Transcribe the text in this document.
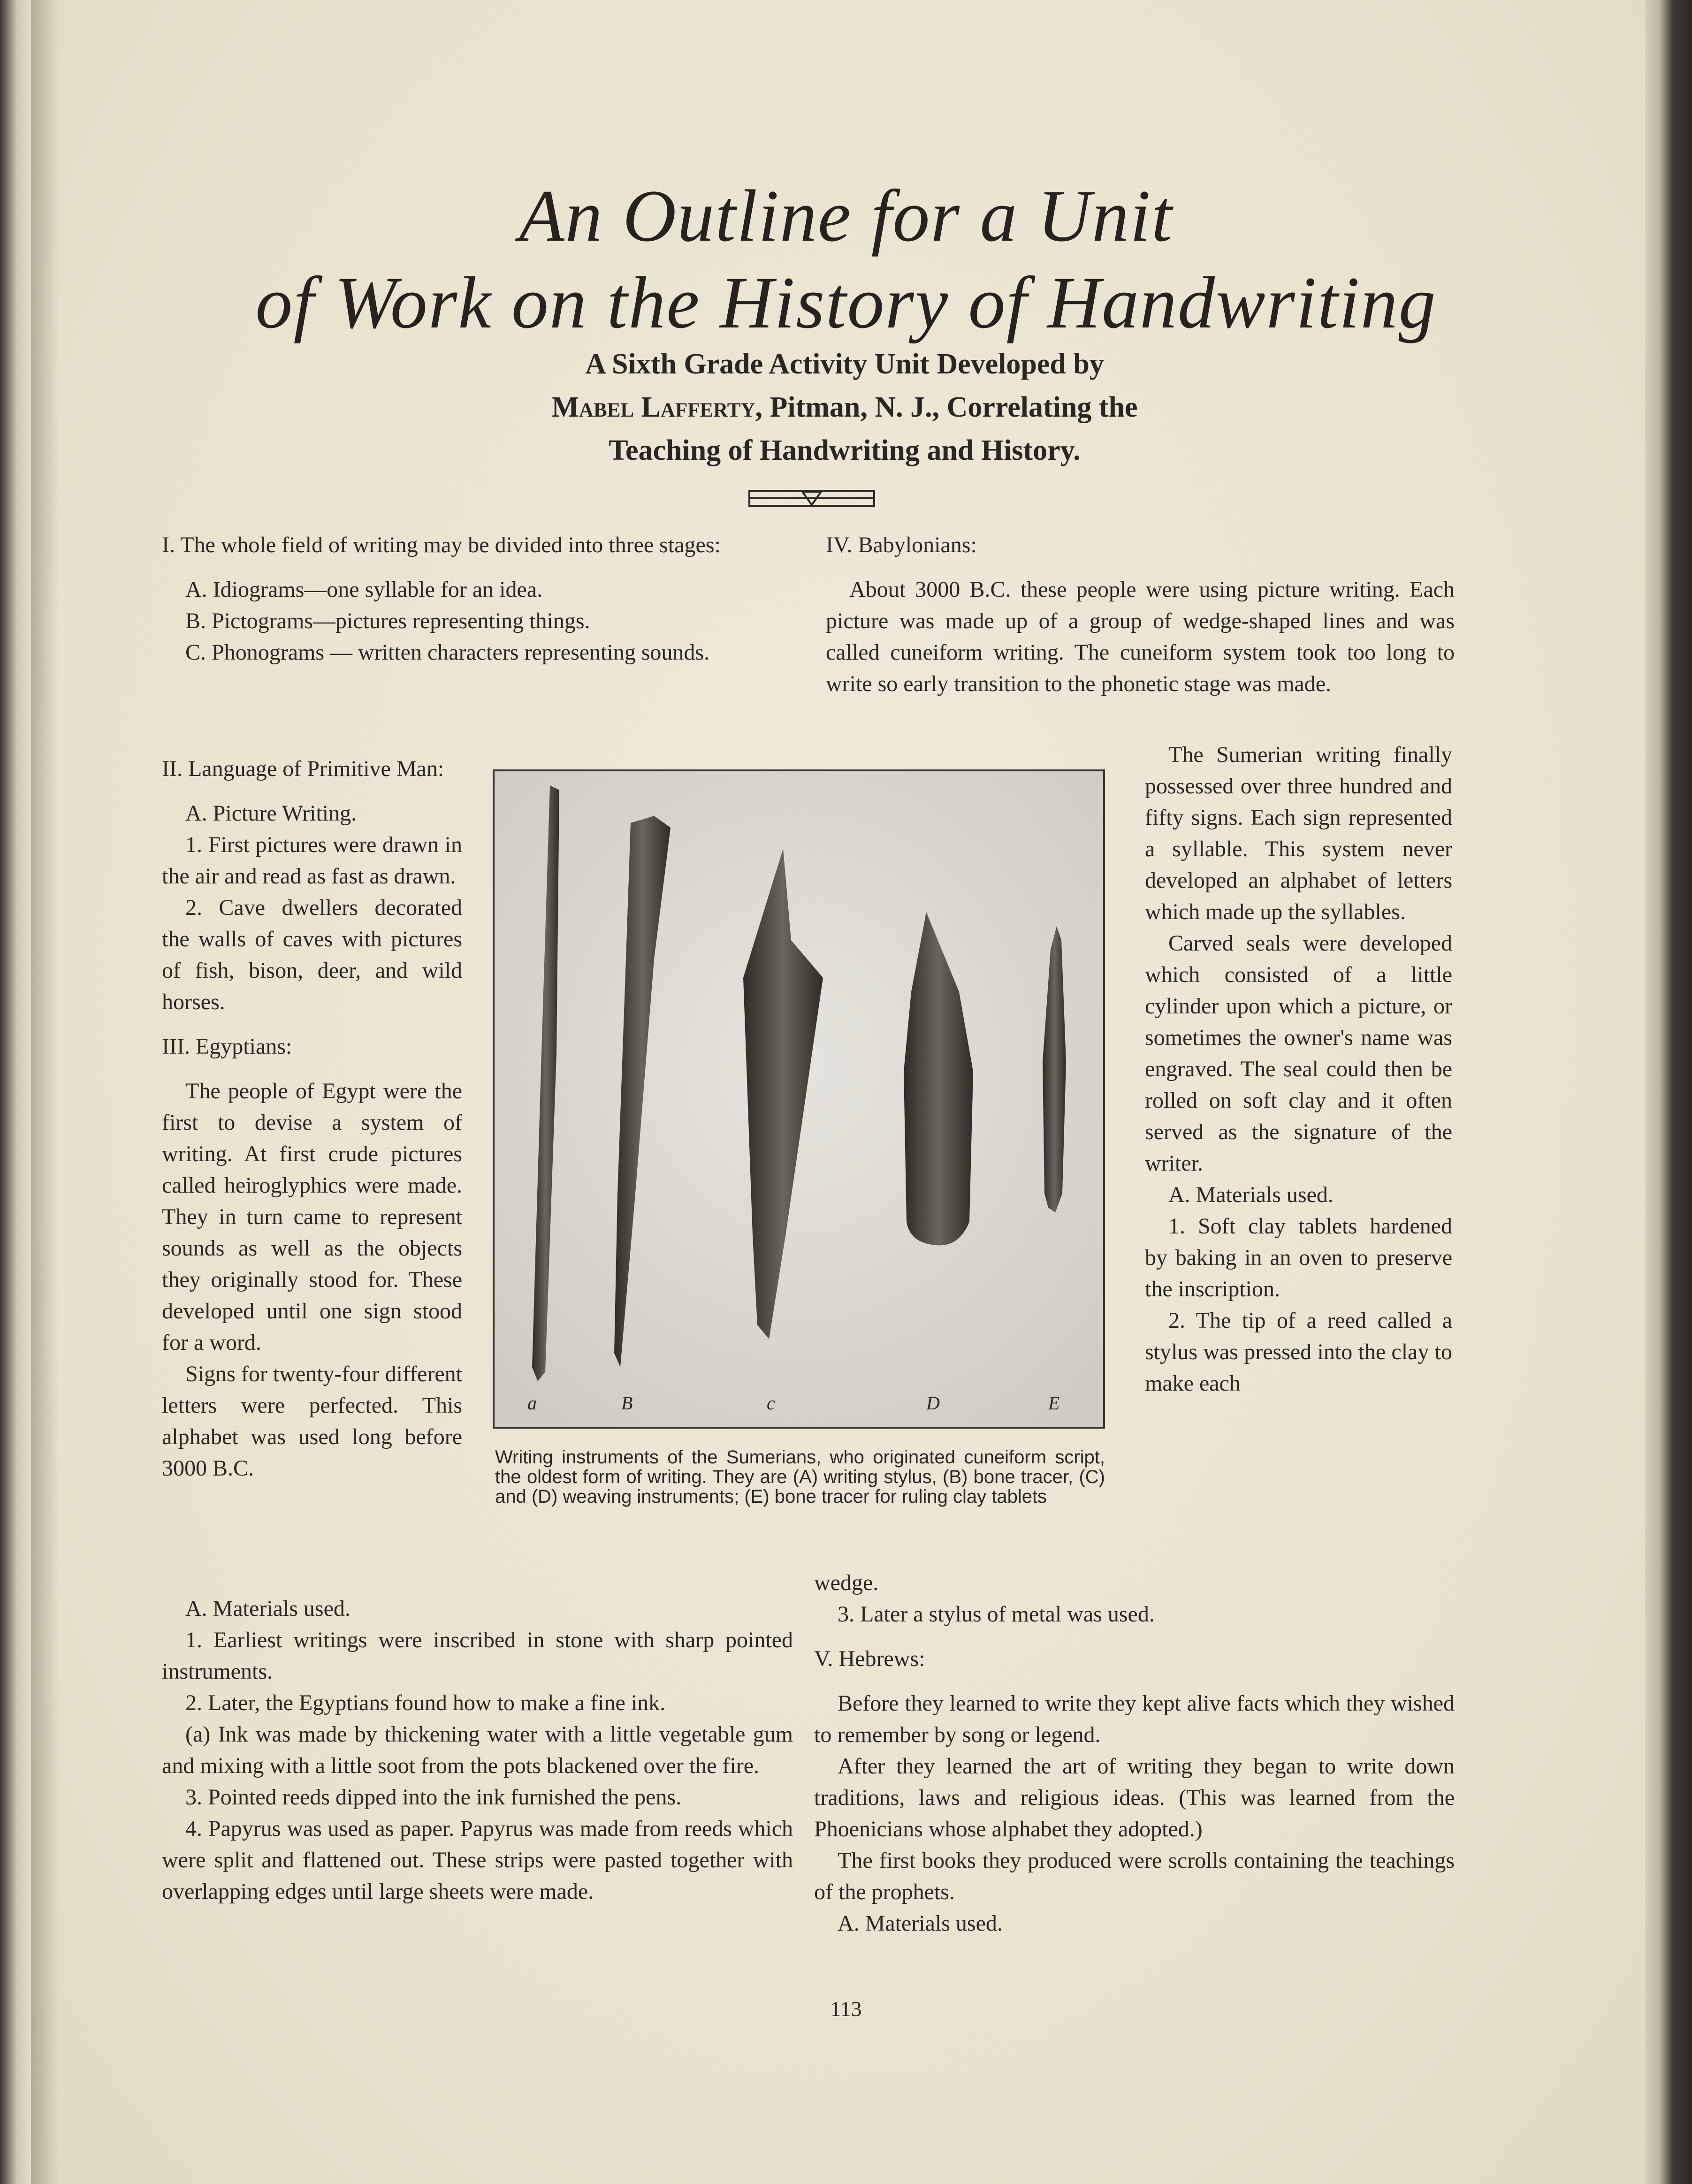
An Outline for a Unit
of Work on the History of Handwriting
A Sixth Grade Activity Unit Developed by
Mabel Lafferty, Pitman, N. J., Correlating the
Teaching of Handwriting and History.

I. The whole field of writing may be divided into three stages:

A. Idiograms—one syllable for an idea.

B. Pictograms—pictures representing things.

C. Phonograms — written characters representing sounds.

II. Language of Primitive Man:

A. Picture Writing.

1. First pictures were drawn in the air and read as fast as drawn.

2. Cave dwellers decorated the walls of caves with pictures of fish, bison, deer, and wild horses.

III. Egyptians:

The people of Egypt were the first to devise a system of writing. At first crude pictures called heiroglyphics were made. They in turn came to represent sounds as well as the objects they originally stood for. These developed until one sign stood for a word.

Signs for twenty-four different letters were perfected. This alphabet was used long before 3000 B.C.

A. Materials used.

1. Earliest writings were inscribed in stone with sharp pointed instruments.

2. Later, the Egyptians found how to make a fine ink.

(a) Ink was made by thickening water with a little vegetable gum and mixing with a little soot from the pots blackened over the fire.

3. Pointed reeds dipped into the ink furnished the pens.

4. Papyrus was used as paper. Papyrus was made from reeds which were split and flattened out. These strips were pasted together with overlapping edges until large sheets were made.

IV. Babylonians:

About 3000 B.C. these people were using picture writing. Each picture was made up of a group of wedge-shaped lines and was called cuneiform writing. The cuneiform system took too long to write so early transition to the phonetic stage was made.

The Sumerian writing finally possessed over three hundred and fifty signs. Each sign represented a syllable. This system never developed an alphabet of letters which made up the syllables.

Carved seals were developed which consisted of a little cylinder upon which a picture, or sometimes the owner's name was engraved. The seal could then be rolled on soft clay and it often served as the signature of the writer.

A. Materials used.

1. Soft clay tablets hardened by baking in an oven to preserve the inscription.

2. The tip of a reed called a stylus was pressed into the clay to make each

wedge.

3. Later a stylus of metal was used.

V. Hebrews:

Before they learned to write they kept alive facts which they wished to remember by song or legend.

After they learned the art of writing they began to write down traditions, laws and religious ideas. (This was learned from the Phoenicians whose alphabet they adopted.)

The first books they produced were scrolls containing the teachings of the prophets.

A. Materials used.

a	B	c	D	E
Writing instruments of the Sumerians, who originated cuneiform script, the oldest form of writing. They are (A) writing stylus, (B) bone tracer, (C) and (D) weaving instruments; (E) bone tracer for ruling clay tablets
113
